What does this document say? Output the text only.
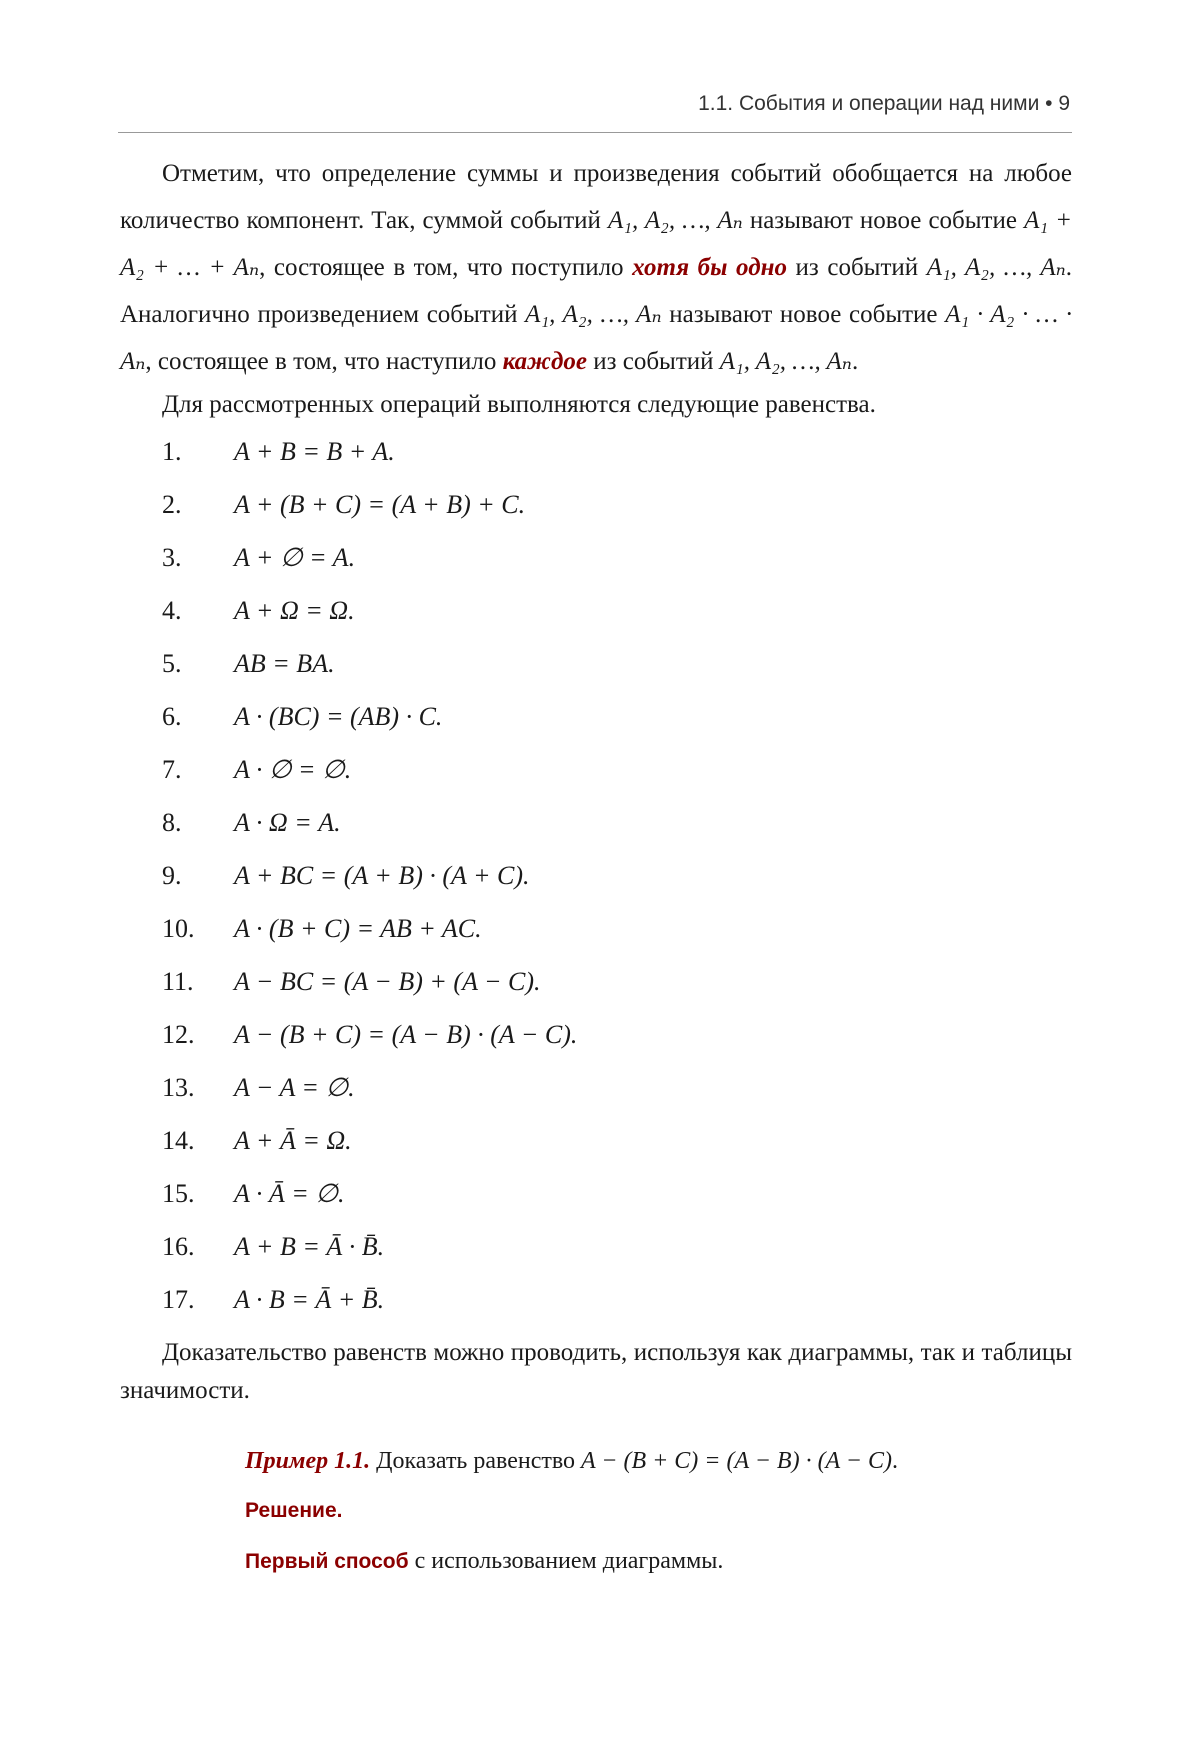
1.1. События и операции над ними • 9

Отметим, что определение суммы и произведения событий обобщается на любое количество компонент. Так, суммой событий A₁, A₂, …, Aₙ называют новое событие A₁ + A₂ + … + Aₙ, состоящее в том, что поступило хотя бы одно из событий A₁, A₂, …, Aₙ. Аналогично произведением событий A₁, A₂, …, Aₙ называют новое событие A₁ · A₂ · … · Aₙ, состоящее в том, что наступило каждое из событий A₁, A₂, …, Aₙ.

Для рассмотренных операций выполняются следующие равенства.

1.	A + B = B + A.
2.	A + (B + C) = (A + B) + C.
3.	A + ∅ = A.
4.	A + Ω = Ω.
5.	AB = BA.
6.	A · (BC) = (AB) · C.
7.	A · ∅ = ∅.
8.	A · Ω = A.
9.	A + BC = (A + B) · (A + C).
10.	A · (B + C) = AB + AC.
11.	A − BC = (A − B) + (A − C).
12.	A − (B + C) = (A − B) · (A − C).
13.	A − A = ∅.
14.	A + Ā = Ω.
15.	A · Ā = ∅.
16.	A + B = Ā · B̄.
17.	A · B = Ā + B̄.

Доказательство равенств можно проводить, используя как диаграммы, так и таблицы значимости.

Пример 1.1. Доказать равенство A − (B + C) = (A − B) · (A − C).
Решение.
Первый способ с использованием диаграммы.
